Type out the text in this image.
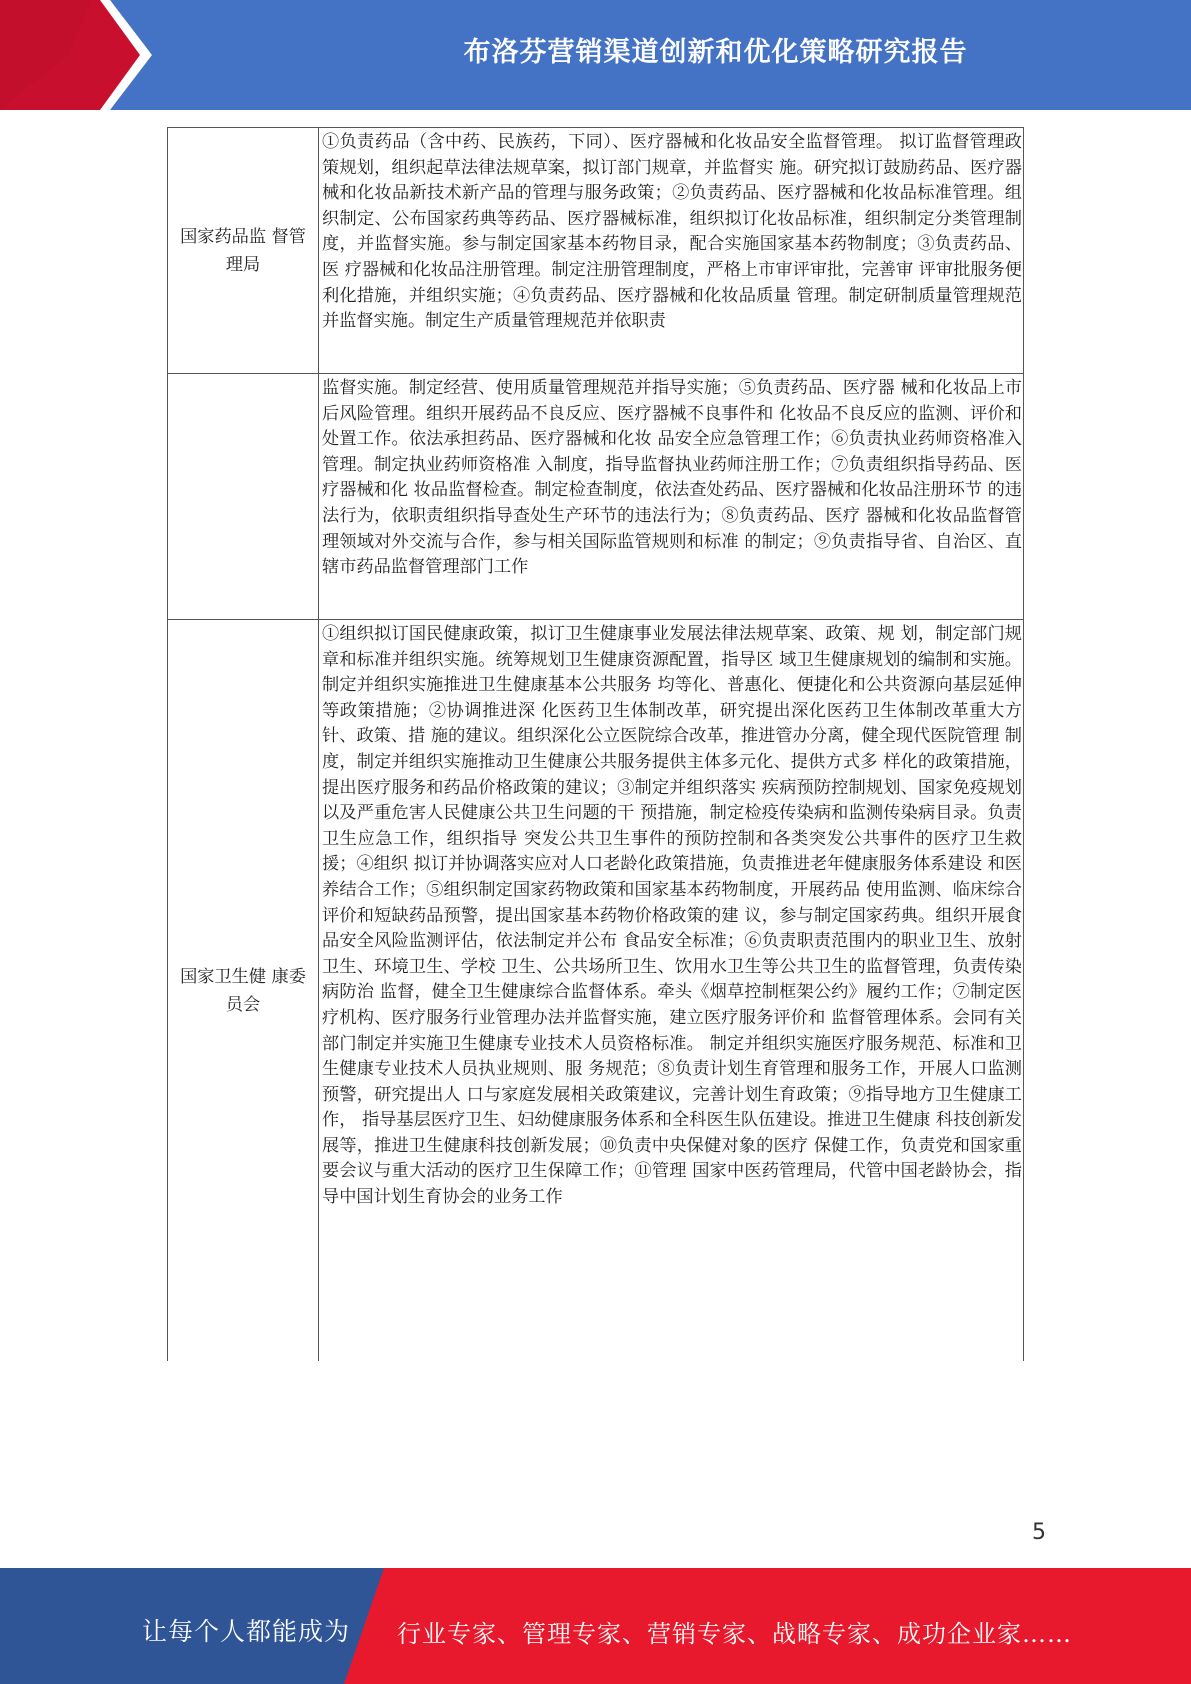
布洛芬营销渠道创新和优化策略研究报告
国家药品监 督管理局	①负责药品（含中药、民族药，下同）、医疗器械和化妆品安全监督管理。 拟订监督管理政策规划，组织起草法律法规草案，拟订部门规章，并监督实 施。研究拟订鼓励药品、医疗器械和化妆品新技术新产品的管理与服务政策；②负责药品、医疗器械和化妆品标准管理。组织制定、公布国家药典等药品、医疗器械标准，组织拟订化妆品标准，组织制定分类管理制度，并监督实施。参与制定国家基本药物目录，配合实施国家基本药物制度；③负责药品、医 疗器械和化妆品注册管理。制定注册管理制度，严格上市审评审批，完善审 评审批服务便利化措施，并组织实施；④负责药品、医疗器械和化妆品质量 管理。制定研制质量管理规范并监督实施。制定生产质量管理规范并依职责
	监督实施。制定经营、使用质量管理规范并指导实施；⑤负责药品、医疗器 械和化妆品上市后风险管理。组织开展药品不良反应、医疗器械不良事件和 化妆品不良反应的监测、评价和处置工作。依法承担药品、医疗器械和化妆 品安全应急管理工作；⑥负责执业药师资格准入管理。制定执业药师资格准 入制度，指导监督执业药师注册工作；⑦负责组织指导药品、医疗器械和化 妆品监督检查。制定检查制度，依法查处药品、医疗器械和化妆品注册环节 的违法行为，依职责组织指导查处生产环节的违法行为；⑧负责药品、医疗 器械和化妆品监督管理领域对外交流与合作，参与相关国际监管规则和标准 的制定；⑨负责指导省、自治区、直辖市药品监督管理部门工作
国家卫生健 康委员会	①组织拟订国民健康政策，拟订卫生健康事业发展法律法规草案、政策、规 划，制定部门规章和标准并组织实施。统筹规划卫生健康资源配置，指导区 域卫生健康规划的编制和实施。制定并组织实施推进卫生健康基本公共服务 均等化、普惠化、便捷化和公共资源向基层延伸等政策措施；②协调推进深 化医药卫生体制改革，研究提出深化医药卫生体制改革重大方针、政策、措 施的建议。组织深化公立医院综合改革，推进管办分离，健全现代医院管理 制度，制定并组织实施推动卫生健康公共服务提供主体多元化、提供方式多 样化的政策措施，提出医疗服务和药品价格政策的建议；③制定并组织落实 疾病预防控制规划、国家免疫规划以及严重危害人民健康公共卫生问题的干 预措施，制定检疫传染病和监测传染病目录。负责卫生应急工作，组织指导 突发公共卫生事件的预防控制和各类突发公共事件的医疗卫生救援；④组织 拟订并协调落实应对人口老龄化政策措施，负责推进老年健康服务体系建设 和医养结合工作；⑤组织制定国家药物政策和国家基本药物制度，开展药品 使用监测、临床综合评价和短缺药品预警，提出国家基本药物价格政策的建 议，参与制定国家药典。组织开展食品安全风险监测评估，依法制定并公布 食品安全标准；⑥负责职责范围内的职业卫生、放射卫生、环境卫生、学校 卫生、公共场所卫生、饮用水卫生等公共卫生的监督管理，负责传染病防治 监督，健全卫生健康综合监督体系。牵头《烟草控制框架公约》履约工作；⑦制定医疗机构、医疗服务行业管理办法并监督实施，建立医疗服务评价和 监督管理体系。会同有关部门制定并实施卫生健康专业技术人员资格标准。 制定并组织实施医疗服务规范、标准和卫生健康专业技术人员执业规则、服 务规范；⑧负责计划生育管理和服务工作，开展人口监测预警，研究提出人 口与家庭发展相关政策建议，完善计划生育政策；⑨指导地方卫生健康工作， 指导基层医疗卫生、妇幼健康服务体系和全科医生队伍建设。推进卫生健康 科技创新发展等，推进卫生健康科技创新发展；⑩负责中央保健对象的医疗 保健工作，负责党和国家重要会议与重大活动的医疗卫生保障工作；⑪管理 国家中医药管理局，代管中国老龄协会，指导中国计划生育协会的业务工作
5
让每个人都能成为 行业专家、管理专家、营销专家、战略专家、成功企业家……
